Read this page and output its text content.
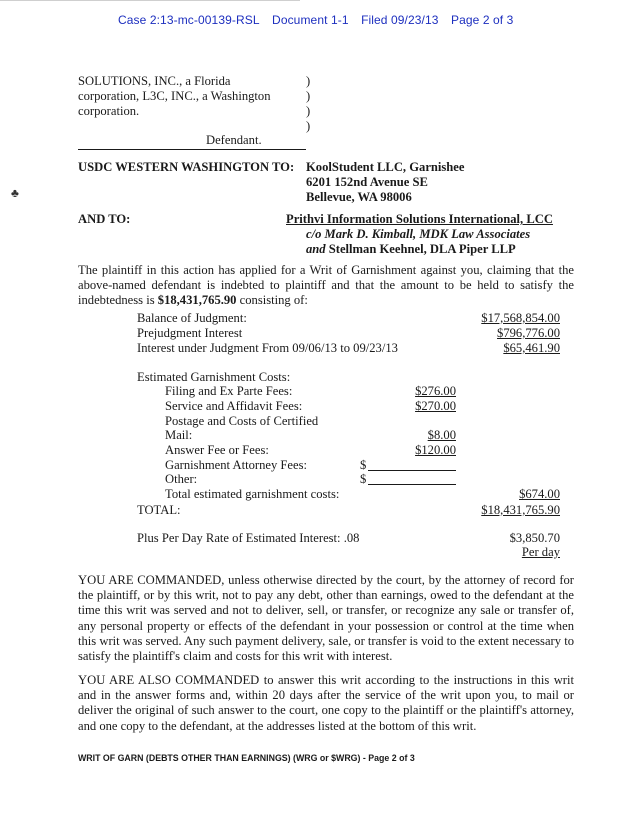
Case 2:13-mc-00139-RSL Document 1-1 Filed 09/23/13 Page 2 of 3
SOLUTIONS, INC., a Florida
corporation, L3C, INC., a Washington
corporation.
)
)
)
)
Defendant.
USDC WESTERN WASHINGTON TO: KoolStudent LLC, Garnishee
6201 152nd Avenue SE
Bellevue, WA 98006
♣
AND TO:	Prithvi Information Solutions International, LCC
c/o Mark D. Kimball, MDK Law Associates
and Stellman Keehnel, DLA Piper LLP
The plaintiff in this action has applied for a Writ of Garnishment against you, claiming that the above-named defendant is indebted to plaintiff and that the amount to be held to satisfy the indebtedness is $18,431,765.90 consisting of:
Balance of Judgment:	$17,568,854.00
Prejudgment Interest	$796,776.00
Interest under Judgment From 09/06/13 to 09/23/13	$65,461.90
Estimated Garnishment Costs:
Filing and Ex Parte Fees:	$276.00
Service and Affidavit Fees:	$270.00
Postage and Costs of Certified
Mail:	$8.00
Answer Fee or Fees:	$120.00
Garnishment Attorney Fees:	$
Other:	$
Total estimated garnishment costs:	$674.00
TOTAL:	$18,431,765.90
Plus Per Day Rate of Estimated Interest: .08	$3,850.70
Per day
YOU ARE COMMANDED, unless otherwise directed by the court, by the attorney of record for the plaintiff, or by this writ, not to pay any debt, other than earnings, owed to the defendant at the time this writ was served and not to deliver, sell, or transfer, or recognize any sale or transfer of, any personal property or effects of the defendant in your possession or control at the time when this writ was served. Any such payment delivery, sale, or transfer is void to the extent necessary to satisfy the plaintiff's claim and costs for this writ with interest.
YOU ARE ALSO COMMANDED to answer this writ according to the instructions in this writ and in the answer forms and, within 20 days after the service of the writ upon you, to mail or deliver the original of such answer to the court, one copy to the plaintiff or the plaintiff's attorney, and one copy to the defendant, at the addresses listed at the bottom of this writ.
WRIT OF GARN (DEBTS OTHER THAN EARNINGS) (WRG or $WRG) - Page 2 of 3
